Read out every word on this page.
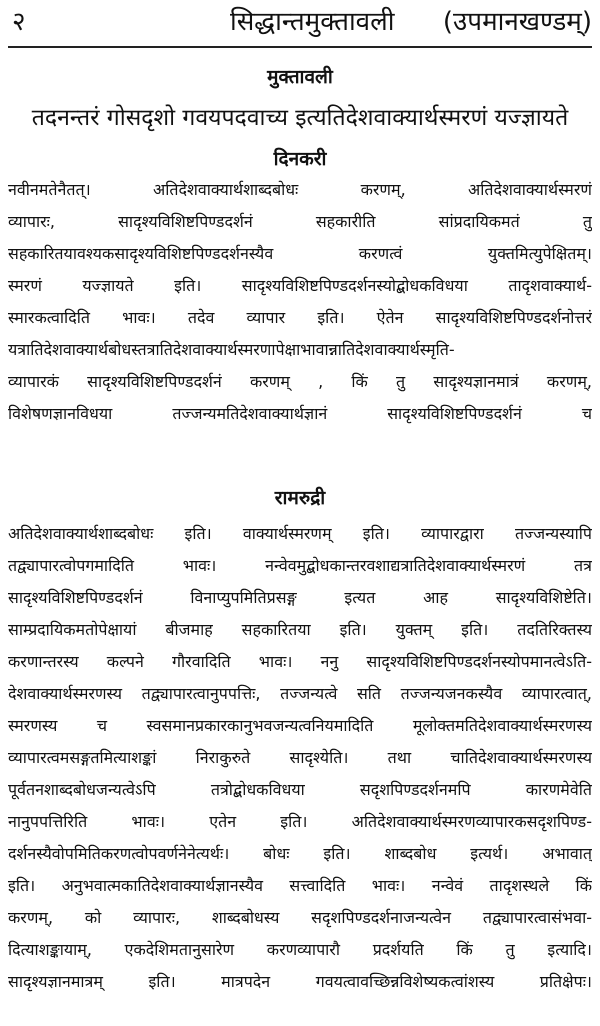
२	सिद्धान्तमुक्तावली (उपमानखण्डम्)
मुक्तावली
तदनन्तरं गोसदृशो गवयपदवाच्य इत्यतिदेशवाक्यार्थस्मरणं यज्ज्ञायते
दिनकरी
नवीनमतेनैतत्। अतिदेशवाक्यार्थशाब्दबोधः करणम्, अतिदेशवाक्यार्थस्मरणं
व्यापारः, सादृश्यविशिष्टपिण्डदर्शनं सहकारीति सांप्रदायिकमतं तु
सहकारितयावश्यकसादृश्यविशिष्टपिण्डदर्शनस्यैव करणत्वं युक्तमित्युपेक्षितम्।
स्मरणं यज्ज्ञायते इति। सादृश्यविशिष्टपिण्डदर्शनस्योद्बोधकविधया तादृशवाक्यार्थ-
स्मारकत्वादिति भावः। तदेव व्यापार इति। ऐतेन सादृश्यविशिष्टपिण्डदर्शनोत्तरं
यत्रातिदेशवाक्यार्थबोधस्तत्रातिदेशवाक्यार्थस्मरणापेक्षाभावान्नातिदेशवाक्यार्थस्मृति-
व्यापारकं सादृश्यविशिष्टपिण्डदर्शनं करणम् , किं तु सादृश्यज्ञानमात्रं करणम्,
विशेषणज्ञानविधया तज्जन्यमतिदेशवाक्यार्थज्ञानं सादृश्यविशिष्टपिण्डदर्शनं च
रामरुद्री
अतिदेशवाक्यार्थशाब्दबोधः इति। वाक्यार्थस्मरणम् इति। व्यापारद्वारा तज्जन्यस्यापि
तद्व्यापारत्वोपगमादिति भावः। नन्वेवमुद्बोधकान्तरवशाद्यत्रातिदेशवाक्यार्थस्मरणं तत्र
सादृश्यविशिष्टपिण्डदर्शनं विनाप्युपमितिप्रसङ्ग इत्यत आह सादृश्यविशिष्टेति।
साम्प्रदायिकमतोपेक्षायां बीजमाह सहकारितया इति। युक्तम् इति। तदतिरिक्तस्य
करणान्तरस्य कल्पने गौरवादिति भावः। ननु सादृश्यविशिष्टपिण्डदर्शनस्योपमानत्वेऽति-
देशवाक्यार्थस्मरणस्य तद्व्यापारत्वानुपपत्तिः, तज्जन्यत्वे सति तज्जन्यजनकस्यैव व्यापारत्वात्,
स्मरणस्य च स्वसमानप्रकारकानुभवजन्यत्वनियमादिति मूलोक्तमतिदेशवाक्यार्थस्मरणस्य
व्यापारत्वमसङ्गतमित्याशङ्कां निराकुरुते सादृश्येति। तथा चातिदेशवाक्यार्थस्मरणस्य
पूर्वतनशाब्दबोधजन्यत्वेऽपि तत्रोद्बोधकविधया सदृशपिण्डदर्शनमपि कारणमेवेति
नानुपपत्तिरिति भावः। एतेन इति। अतिदेशवाक्यार्थस्मरणव्यापारकसदृशपिण्ड-
दर्शनस्यैवोपमितिकरणत्वोपवर्णनेनेत्यर्थः। बोधः इति। शाब्दबोध इत्यर्थ। अभावात्
इति। अनुभवात्मकातिदेशवाक्यार्थज्ञानस्यैव सत्त्वादिति भावः। नन्वेवं तादृशस्थले किं
करणम्, को व्यापारः, शाब्दबोधस्य सदृशपिण्डदर्शनाजन्यत्वेन तद्व्यापारत्वासंभवा-
दित्याशङ्कायाम्, एकदेशिमतानुसारेण करणव्यापारौ प्रदर्शयति किं तु इत्यादि।
सादृश्यज्ञानमात्रम् इति। मात्रपदेन गवयत्वावच्छिन्नविशेष्यकत्वांशस्य प्रतिक्षेपः।
